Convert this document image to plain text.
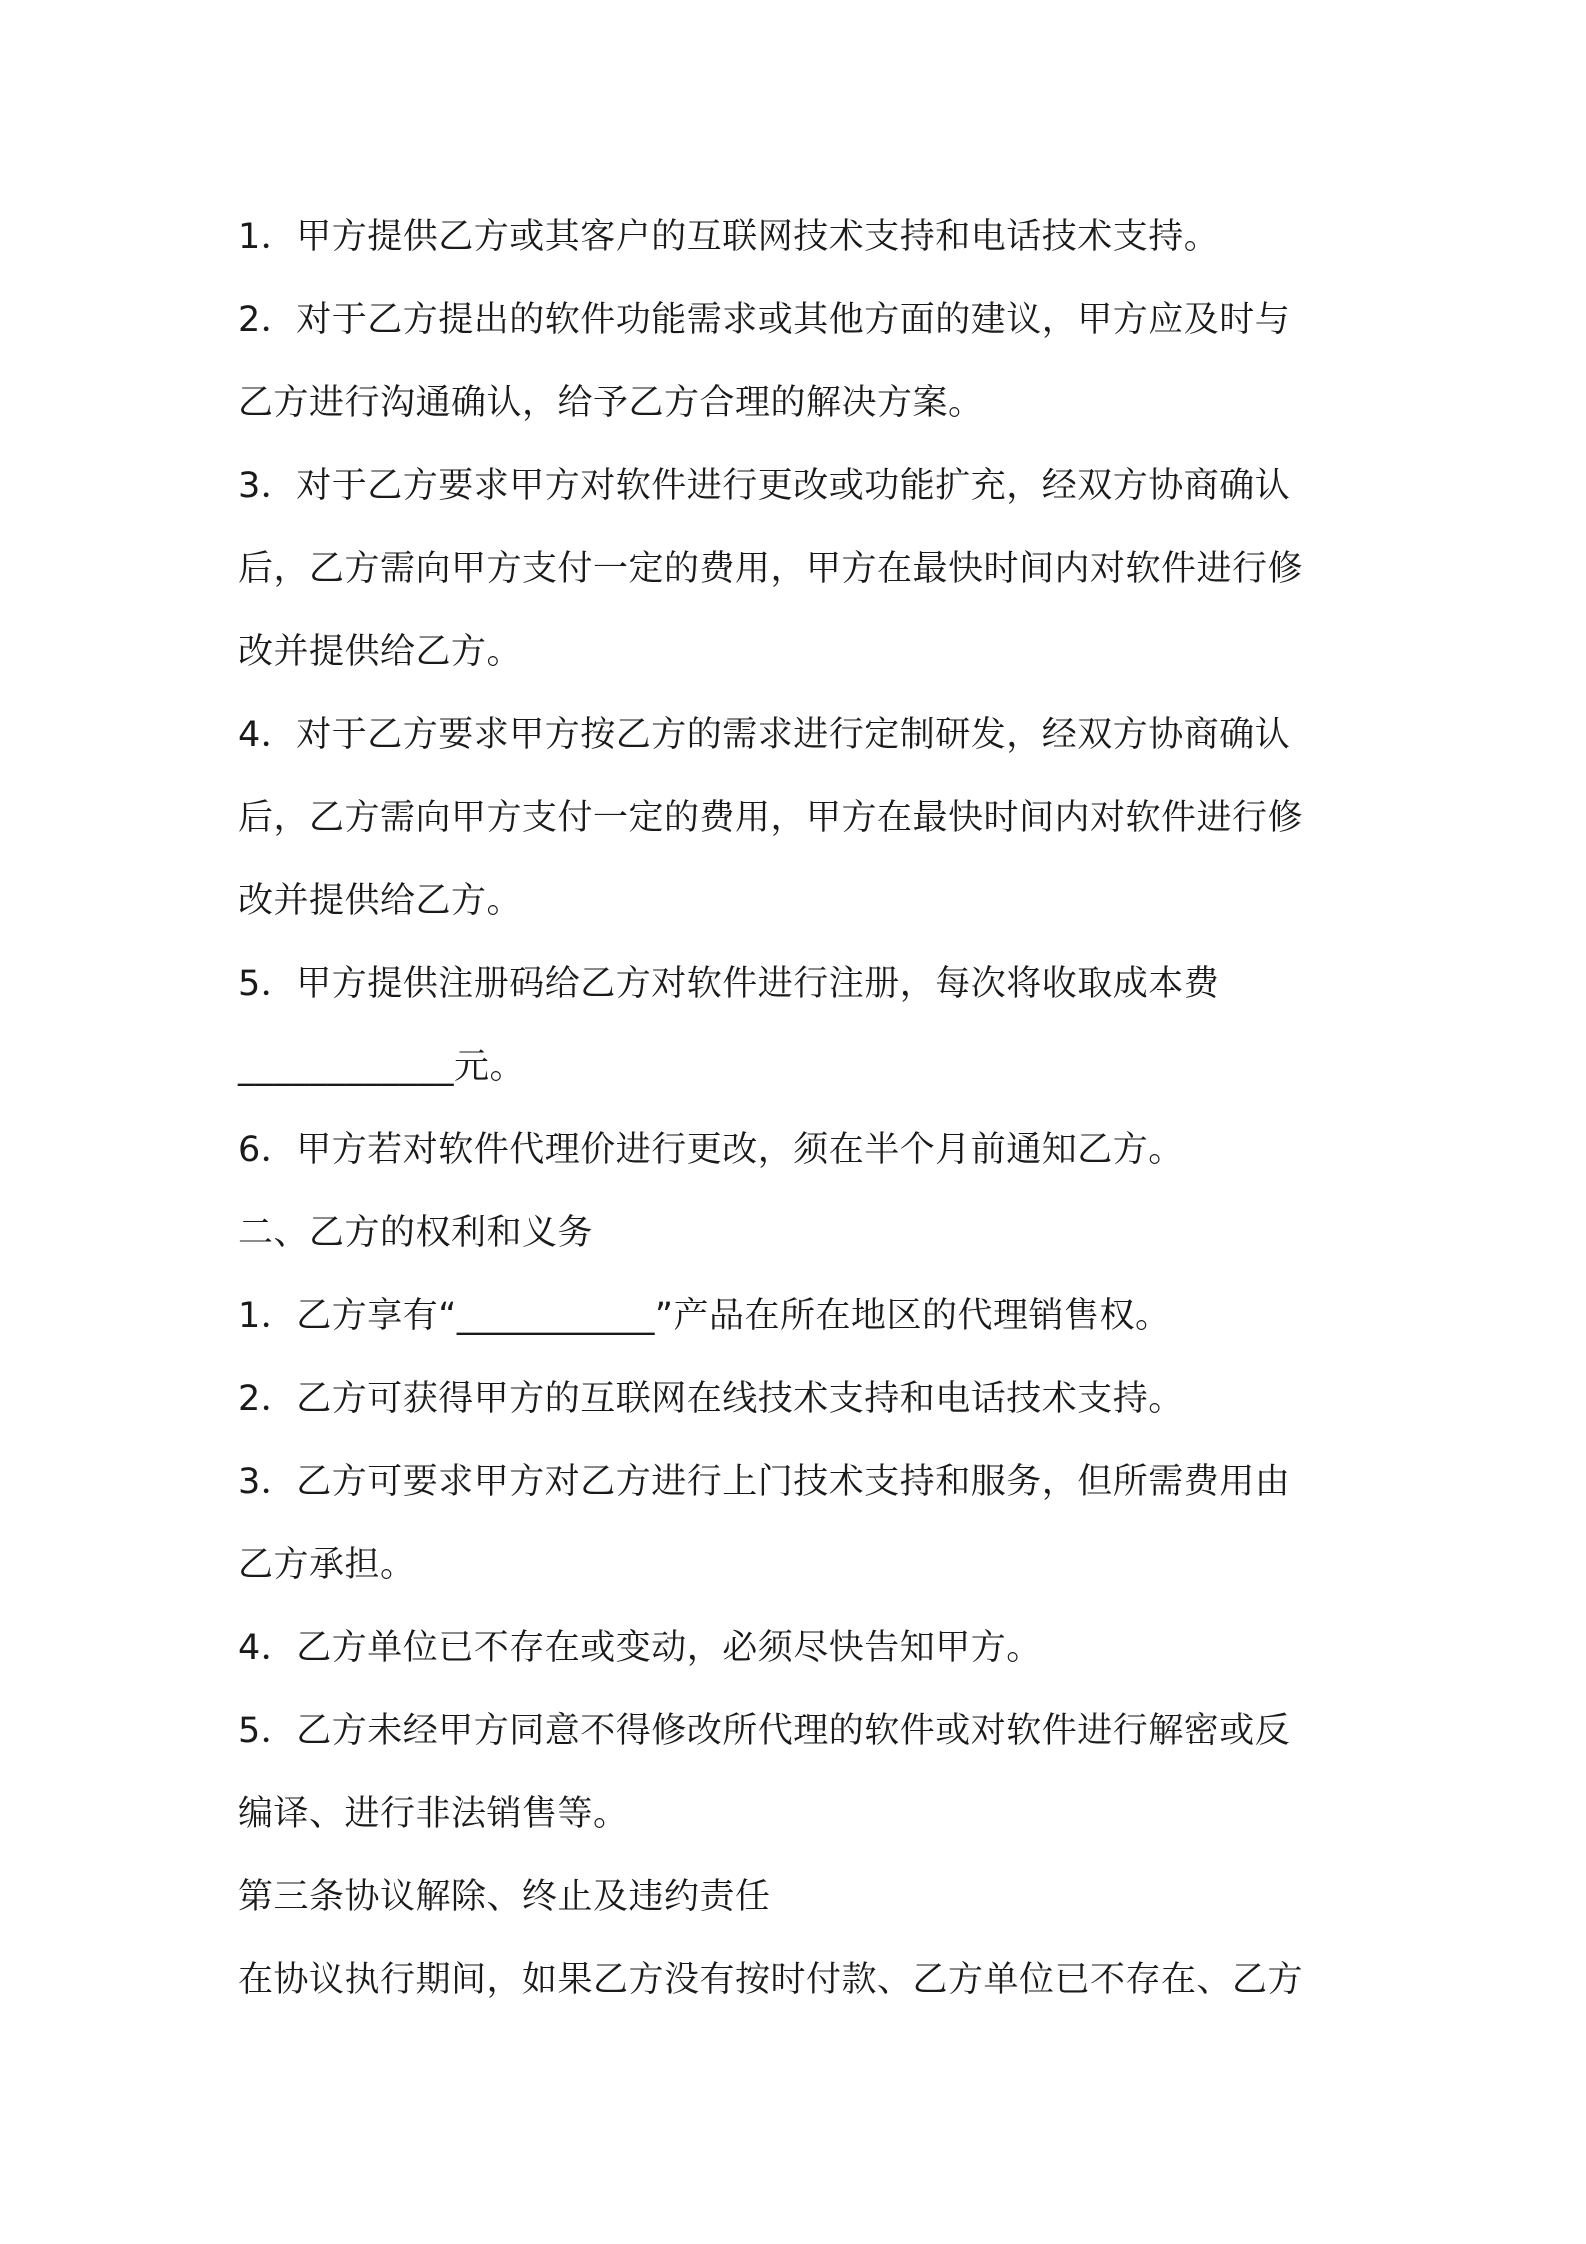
1．甲方提供乙方或其客户的互联网技术支持和电话技术支持。
2．对于乙方提出的软件功能需求或其他方面的建议，甲方应及时与
乙方进行沟通确认，给予乙方合理的解决方案。
3．对于乙方要求甲方对软件进行更改或功能扩充，经双方协商确认
后，乙方需向甲方支付一定的费用，甲方在最快时间内对软件进行修
改并提供给乙方。
4．对于乙方要求甲方按乙方的需求进行定制研发，经双方协商确认
后，乙方需向甲方支付一定的费用，甲方在最快时间内对软件进行修
改并提供给乙方。
5．甲方提供注册码给乙方对软件进行注册，每次将收取成本费
____________元。
6．甲方若对软件代理价进行更改，须在半个月前通知乙方。
二、乙方的权利和义务
1．乙方享有“___________”产品在所在地区的代理销售权。
2．乙方可获得甲方的互联网在线技术支持和电话技术支持。
3．乙方可要求甲方对乙方进行上门技术支持和服务，但所需费用由
乙方承担。
4．乙方单位已不存在或变动，必须尽快告知甲方。
5．乙方未经甲方同意不得修改所代理的软件或对软件进行解密或反
编译、进行非法销售等。
第三条协议解除、终止及违约责任
在协议执行期间，如果乙方没有按时付款、乙方单位已不存在、乙方
